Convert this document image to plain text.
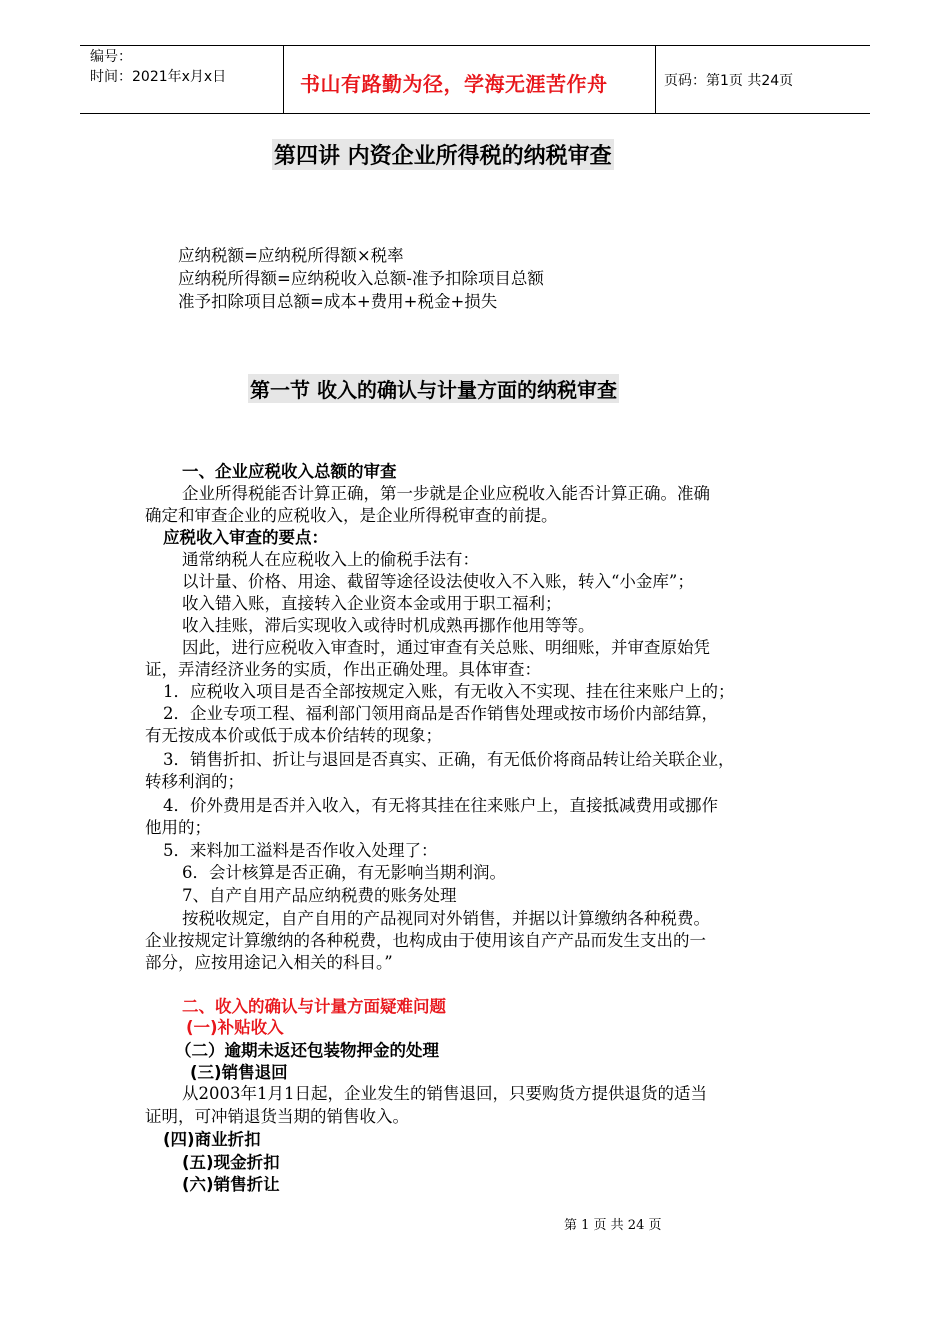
编号：
时间：2021年x月x日	书山有路勤为径，学海无涯苦作舟	页码：第1页 共24页
第四讲 内资企业所得税的纳税审查
应纳税额=应纳税所得额×税率
应纳税所得额=应纳税收入总额-准予扣除项目总额
准予扣除项目总额=成本+费用+税金+损失
第一节 收入的确认与计量方面的纳税审查
一、企业应税收入总额的审查
企业所得税能否计算正确，第一步就是企业应税收入能否计算正确。准确
确定和审查企业的应税收入，是企业所得税审查的前提。
应税收入审查的要点：
通常纳税人在应税收入上的偷税手法有：
以计量、价格、用途、截留等途径设法使收入不入账，转入“小金库”；
收入错入账，直接转入企业资本金或用于职工福利；
收入挂账，滞后实现收入或待时机成熟再挪作他用等等。
因此，进行应税收入审查时，通过审查有关总账、明细账，并审查原始凭
证，弄清经济业务的实质，作出正确处理。具体审查：
1．应税收入项目是否全部按规定入账，有无收入不实现、挂在往来账户上的；
2．企业专项工程、福利部门领用商品是否作销售处理或按市场价内部结算，
有无按成本价或低于成本价结转的现象；
3．销售折扣、折让与退回是否真实、正确，有无低价将商品转让给关联企业，
转移利润的；
4．价外费用是否并入收入，有无将其挂在往来账户上，直接抵减费用或挪作
他用的；
5．来料加工溢料是否作收入处理了：
6．会计核算是否正确，有无影响当期利润。
7、自产自用产品应纳税费的账务处理
按税收规定，自产自用的产品视同对外销售，并据以计算缴纳各种税费。
企业按规定计算缴纳的各种税费，也构成由于使用该自产产品而发生支出的一
部分，应按用途记入相关的科目。”
二、收入的确认与计量方面疑难问题
(一)补贴收入
（二）逾期未返还包装物押金的处理
(三)销售退回
从2003年1月1日起，企业发生的销售退回，只要购货方提供退货的适当
证明，可冲销退货当期的销售收入。
(四)商业折扣
(五)现金折扣
(六)销售折让
第 1 页 共 24 页
